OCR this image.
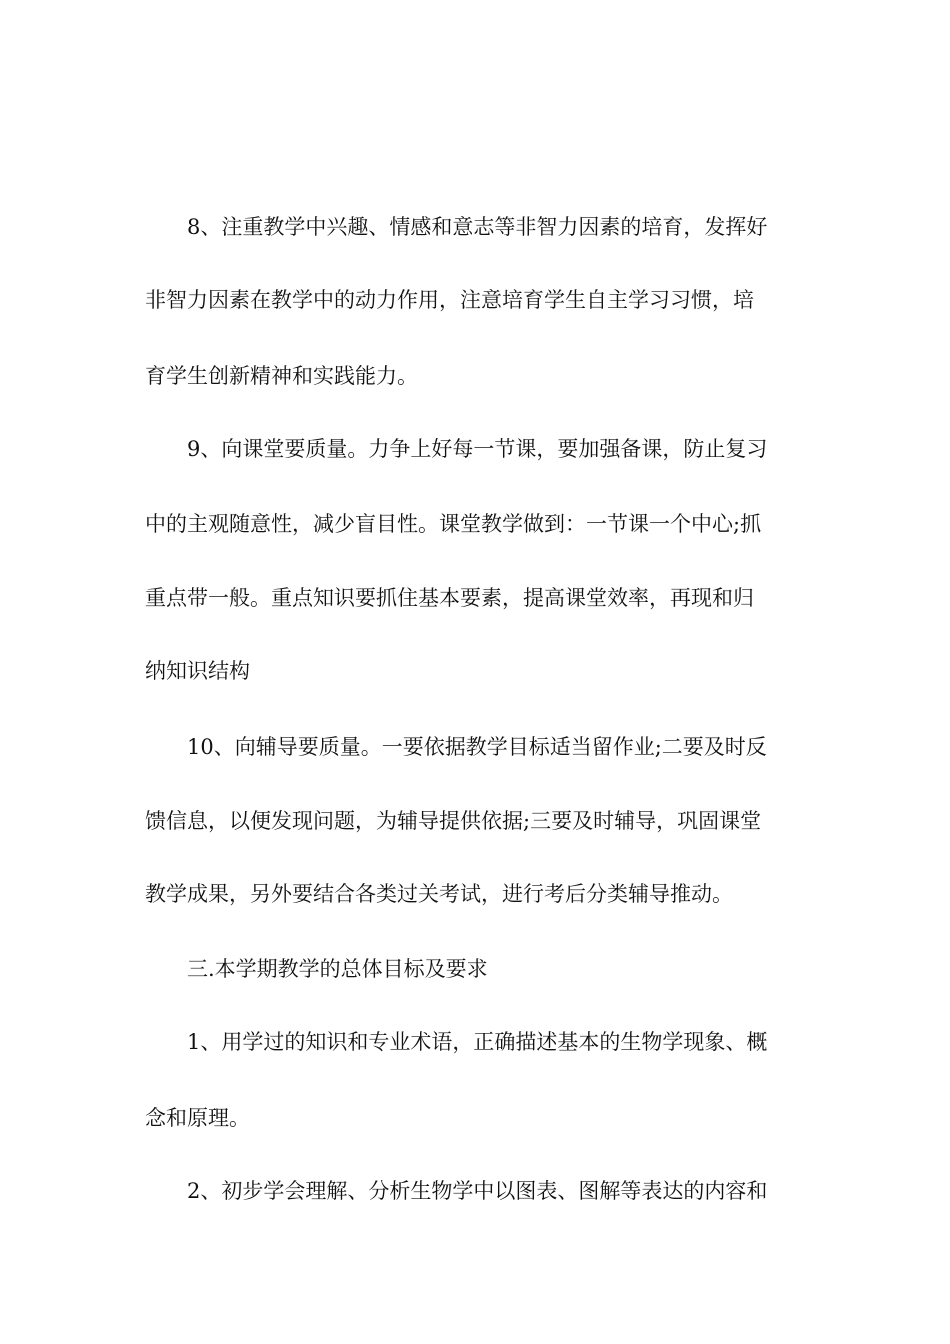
8、注重教学中兴趣、情感和意志等非智力因素的培育，发挥好
非智力因素在教学中的动力作用，注意培育学生自主学习习惯，培
育学生创新精神和实践能力。
9、向课堂要质量。力争上好每一节课，要加强备课，防止复习
中的主观随意性，减少盲目性。课堂教学做到：一节课一个中心;抓
重点带一般。重点知识要抓住基本要素，提高课堂效率，再现和归
纳知识结构
10、向辅导要质量。一要依据教学目标适当留作业;二要及时反
馈信息，以便发现问题，为辅导提供依据;三要及时辅导，巩固课堂
教学成果，另外要结合各类过关考试，进行考后分类辅导推动。
三.本学期教学的总体目标及要求
1、用学过的知识和专业术语，正确描述基本的生物学现象、概
念和原理。
2、初步学会理解、分析生物学中以图表、图解等表达的内容和
